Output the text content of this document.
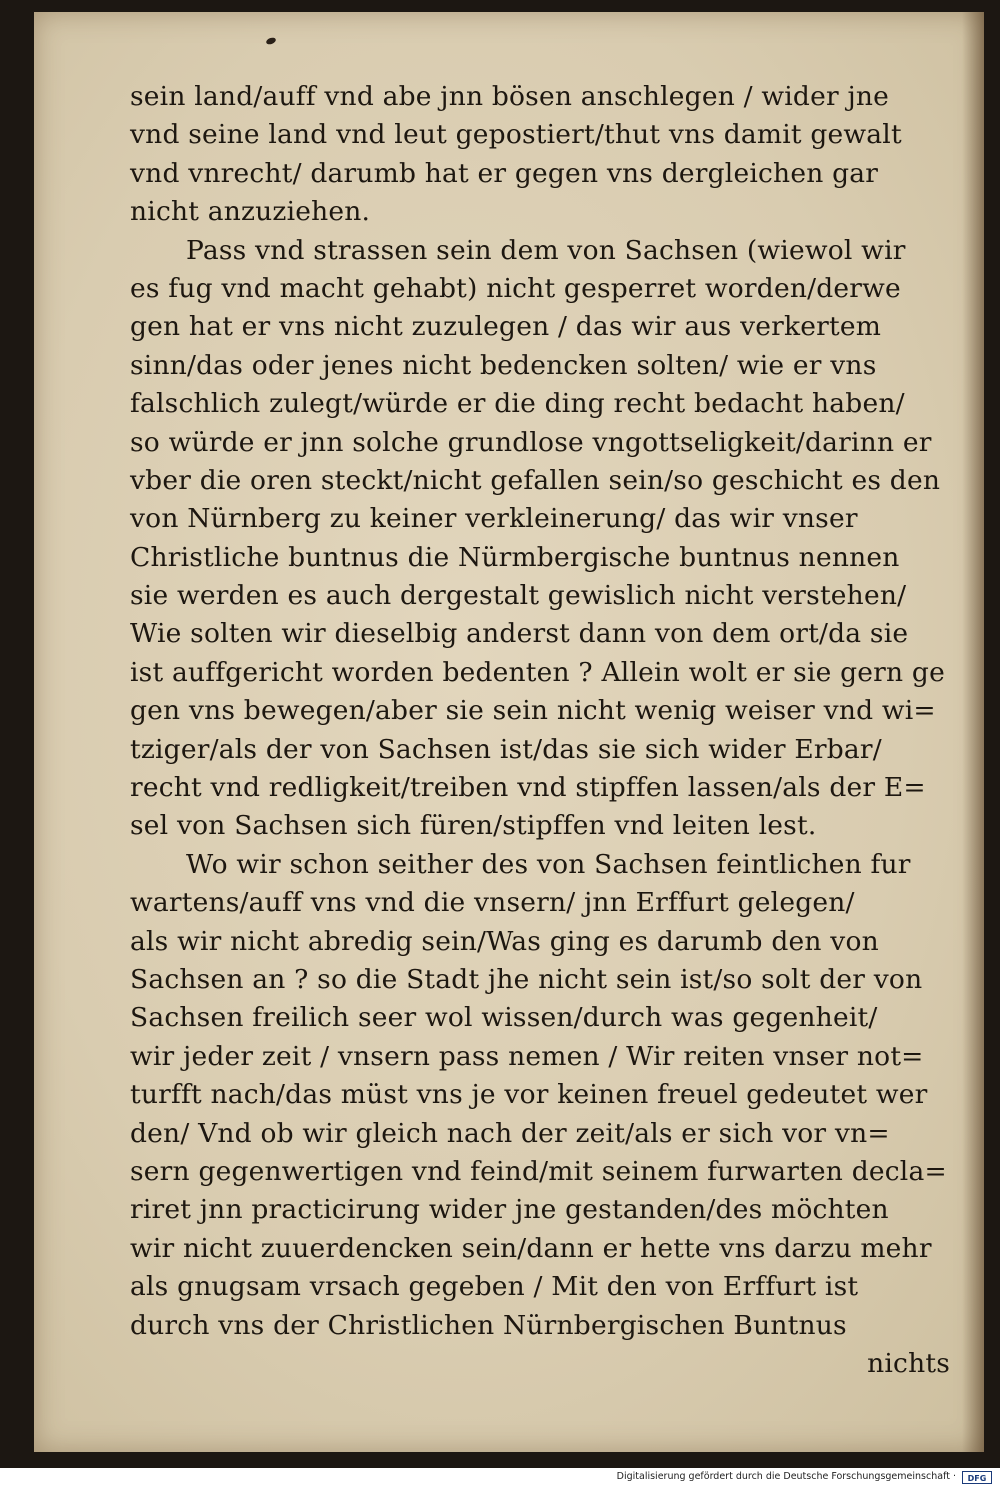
sein land/auff vnd abe jnn bösen anschlegen / wider jne
vnd seine land vnd leut gepostiert/thut vns damit gewalt
vnd vnrecht/ darumb hat er gegen vns dergleichen gar
nicht anzuziehen.
Pass vnd strassen sein dem von Sachsen (wiewol wir
es fug vnd macht gehabt) nicht gesperret worden/derwe
gen hat er vns nicht zuzulegen / das wir aus verkertem
sinn/das oder jenes nicht bedencken solten/ wie er vns
falschlich zulegt/würde er die ding recht bedacht haben/
so würde er jnn solche grundlose vngottseligkeit/darinn er
vber die oren steckt/nicht gefallen sein/so geschicht es den
von Nürnberg zu keiner verkleinerung/ das wir vnser
Christliche buntnus die Nürmbergische buntnus nennen
sie werden es auch dergestalt gewislich nicht verstehen/
Wie solten wir dieselbig anderst dann von dem ort/da sie
ist auffgericht worden bedenten ? Allein wolt er sie gern ge
gen vns bewegen/aber sie sein nicht wenig weiser vnd wi=
tziger/als der von Sachsen ist/das sie sich wider Erbar/
recht vnd redligkeit/treiben vnd stipffen lassen/als der E=
sel von Sachsen sich füren/stipffen vnd leiten lest.
Wo wir schon seither des von Sachsen feintlichen fur
wartens/auff vns vnd die vnsern/ jnn Erffurt gelegen/
als wir nicht abredig sein/Was ging es darumb den von
Sachsen an ? so die Stadt jhe nicht sein ist/so solt der von
Sachsen freilich seer wol wissen/durch was gegenheit/
wir jeder zeit / vnsern pass nemen / Wir reiten vnser not=
turfft nach/das müst vns je vor keinen freuel gedeutet wer
den/ Vnd ob wir gleich nach der zeit/als er sich vor vn=
sern gegenwertigen vnd feind/mit seinem furwarten decla=
riret jnn practicirung wider jne gestanden/des möchten
wir nicht zuuerdencken sein/dann er hette vns darzu mehr
als gnugsam vrsach gegeben / Mit den von Erffurt ist
durch vns der Christlichen Nürnbergischen Buntnus
nichts
Digitalisierung gefördert durch die Deutsche Forschungsgemeinschaft ·	DFG
